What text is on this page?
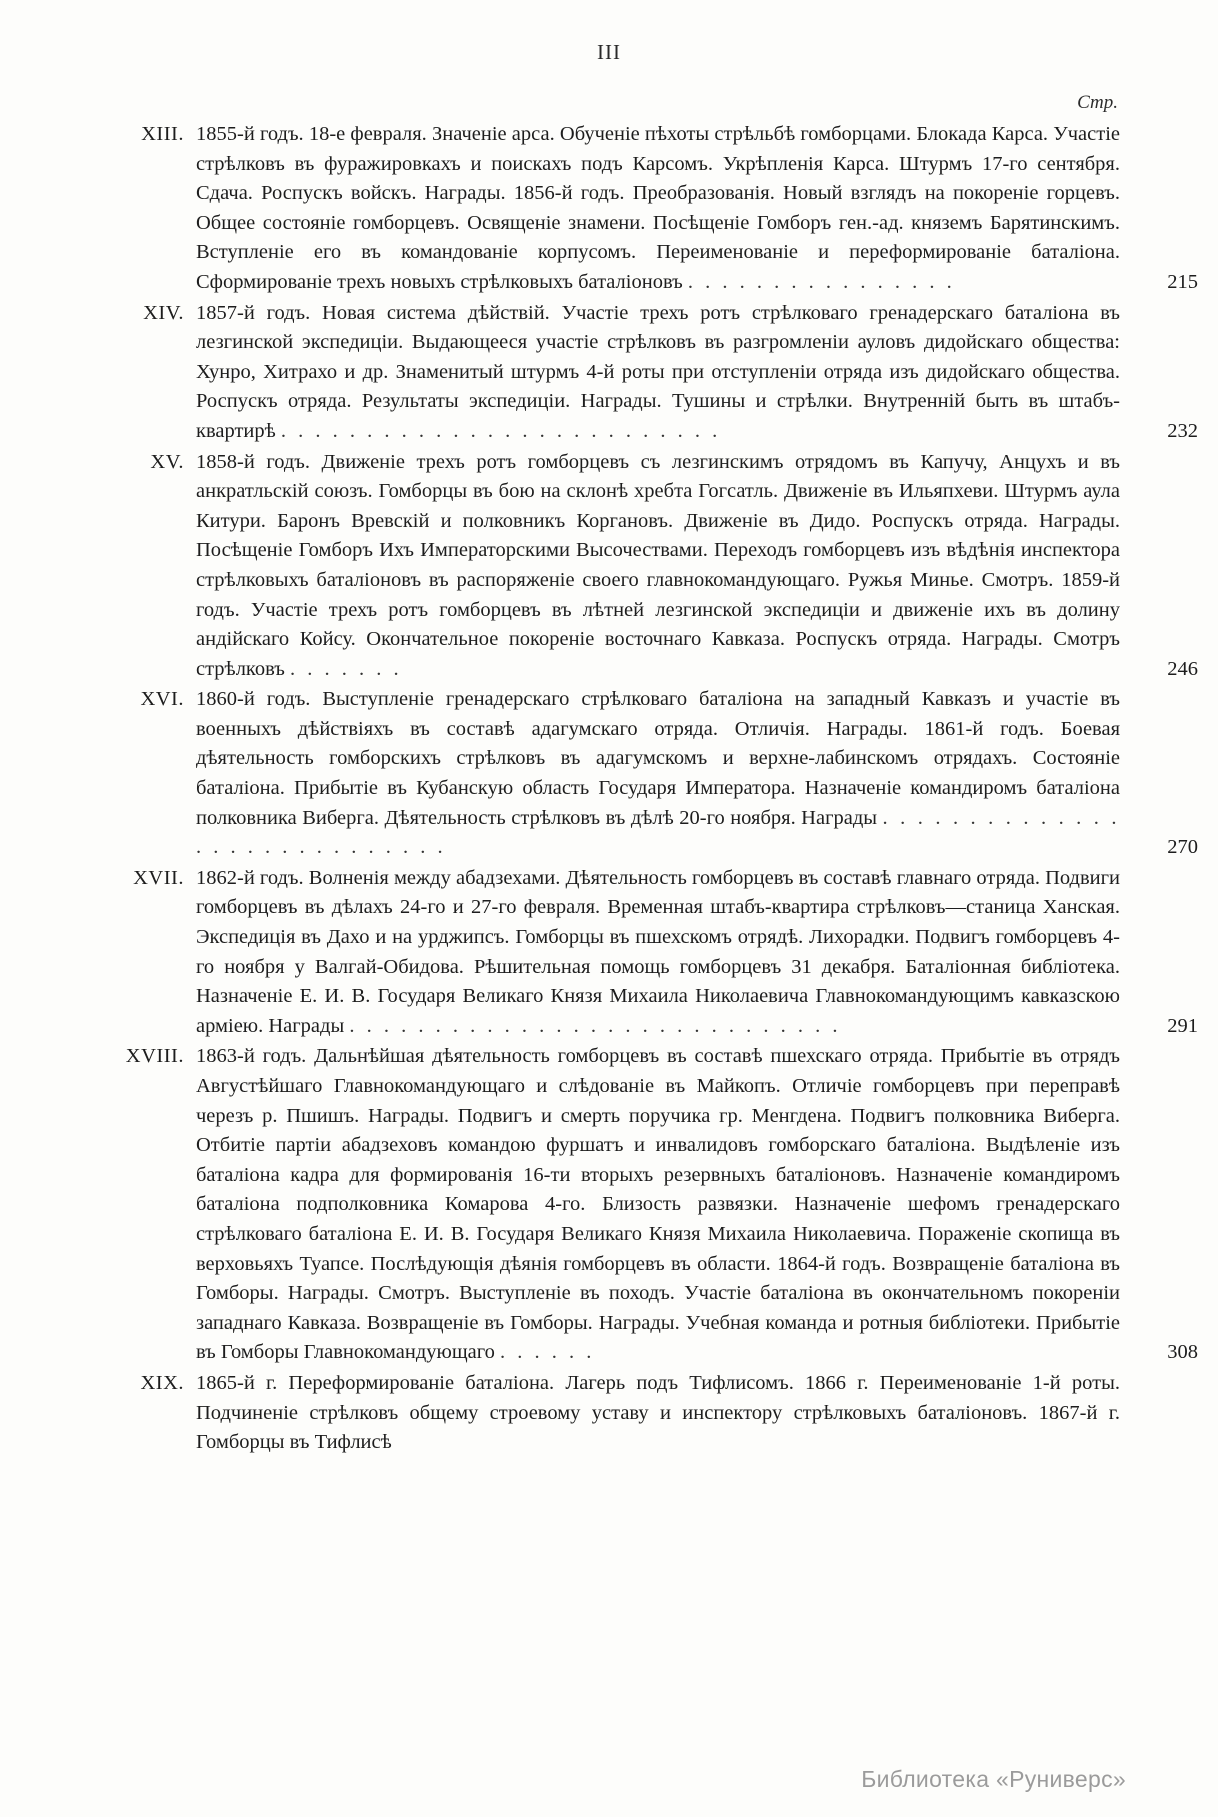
III
Стр.
XIII. 1855-й годъ. 18-е февраля. Значеніе арса. Обученіе пѣхоты стрѣльбѣ гомборцами. Блокада Карса. Участіе стрѣлковъ въ фуражировкахъ и поискахъ подъ Карсомъ. Укрѣпленія Карса. Штурмъ 17-го сентября. Сдача. Роспускъ войскъ. Награды. 1856-й годъ. Преобразованія. Новый взглядъ на покореніе горцевъ. Общее состояніе гомборцевъ. Освященіе знамени. Посѣщеніе Гомборъ ген.-ад. княземъ Барятинскимъ. Вступленіе его въ командованіе корпусомъ. Переименованіе и переформированіе баталіона. Сформированіе трехъ новыхъ стрѣлковыхъ баталіоновъ . . . . . . . . . . . . . . . .	215
XIV. 1857-й годъ. Новая система дѣйствій. Участіе трехъ ротъ стрѣлковаго гренадерскаго баталіона въ лезгинской экспедиціи. Выдающееся участіе стрѣлковъ въ разгромленіи ауловъ дидойскаго общества: Хунро, Хитрахо и др. Знаменитый штурмъ 4-й роты при отступленіи отряда изъ дидойскаго общества. Роспускъ отряда. Результаты экспедиціи. Награды. Тушины и стрѣлки. Внутренній быть въ штабъ-квартирѣ . . . . . . . . . . . . . . . . . . . . . . . . . .	232
XV. 1858-й годъ. Движеніе трехъ ротъ гомборцевъ съ лезгинскимъ отрядомъ въ Капучу, Анцухъ и въ анкратльскій союзъ. Гомборцы въ бою на склонѣ хребта Гогсатль. Движеніе въ Ильяпхеви. Штурмъ аула Китури. Баронъ Вревскій и полковникъ Коргановъ. Движеніе въ Дидо. Роспускъ отряда. Награды. Посѣщеніе Гомборъ Ихъ Императорскими Высочествами. Переходъ гомборцевъ изъ вѣдѣнія инспектора стрѣлковыхъ баталіоновъ въ распоряженіе своего главнокомандующаго. Ружья Минье. Смотръ. 1859-й годъ. Участіе трехъ ротъ гомборцевъ въ лѣтней лезгинской экспедиціи и движеніе ихъ въ долину андійскаго Койсу. Окончательное покореніе восточнаго Кавказа. Роспускъ отряда. Награды. Смотръ стрѣлковъ . . . . . . .	246
XVI. 1860-й годъ. Выступленіе гренадерскаго стрѣлковаго баталіона на западный Кавказъ и участіе въ военныхъ дѣйствіяхъ въ составѣ адагумскаго отряда. Отличія. Награды. 1861-й годъ. Боевая дѣятельность гомборскихъ стрѣлковъ въ адагумскомъ и верхне-лабинскомъ отрядахъ. Состояніе баталіона. Прибытіе въ Кубанскую область Государя Императора. Назначеніе командиромъ баталіона полковника Виберга. Дѣятельность стрѣлковъ въ дѣлѣ 20-го ноября. Награды . . . . . . . . . . . . . . . . . . . . . . . . . . . . .	270
XVII. 1862-й годъ. Волненія между абадзехами. Дѣятельность гомборцевъ въ составѣ главнаго отряда. Подвиги гомборцевъ въ дѣлахъ 24-го и 27-го февраля. Временная штабъ-квартира стрѣлковъ—станица Ханская. Экспедиція въ Дахо и на урджипсъ. Гомборцы въ пшехскомъ отрядѣ. Лихорадки. Подвигъ гомборцевъ 4-го ноября у Валгай-Обидова. Рѣшительная помощь гомборцевъ 31 декабря. Баталіонная библіотека. Назначеніе Е. И. В. Государя Великаго Князя Михаила Николаевича Главнокомандующимъ кавказскою арміею. Награды . . . . . . . . . . . . . . . . . . . . . . . . . . . . .	291
XVIII. 1863-й годъ. Дальнѣйшая дѣятельность гомборцевъ въ составѣ пшехскаго отряда. Прибытіе въ отрядъ Августѣйшаго Главнокомандующаго и слѣдованіе въ Майкопъ. Отличіе гомборцевъ при переправѣ черезъ р. Пшишъ. Награды. Подвигъ и смерть поручика гр. Менгдена. Подвигъ полковника Виберга. Отбитіе партіи абадзеховъ командою фуршатъ и инвалидовъ гомборскаго баталіона. Выдѣленіе изъ баталіона кадра для формированія 16-ти вторыхъ резервныхъ баталіоновъ. Назначеніе командиромъ баталіона подполковника Комарова 4-го. Близость развязки. Назначеніе шефомъ гренадерскаго стрѣлковаго баталіона Е. И. В. Государя Великаго Князя Михаила Николаевича. Пораженіе скопища въ верховьяхъ Туапсе. Послѣдующія дѣянія гомборцевъ въ области. 1864-й годъ. Возвращеніе баталіона въ Гомборы. Награды. Смотръ. Выступленіе въ походъ. Участіе баталіона въ окончательномъ покореніи западнаго Кавказа. Возвращеніе въ Гомборы. Награды. Учебная команда и ротныя библіотеки. Прибытіе въ Гомборы Главнокомандующаго . . . . . .	308
XIX. 1865-й г. Переформированіе баталіона. Лагерь подъ Тифлисомъ. 1866 г. Переименованіе 1-й роты. Подчиненіе стрѣлковъ общему строевому уставу и инспектору стрѣлковыхъ баталіоновъ. 1867-й г. Гомборцы въ Тифлисѣ
Библиотека «Руниверс»
